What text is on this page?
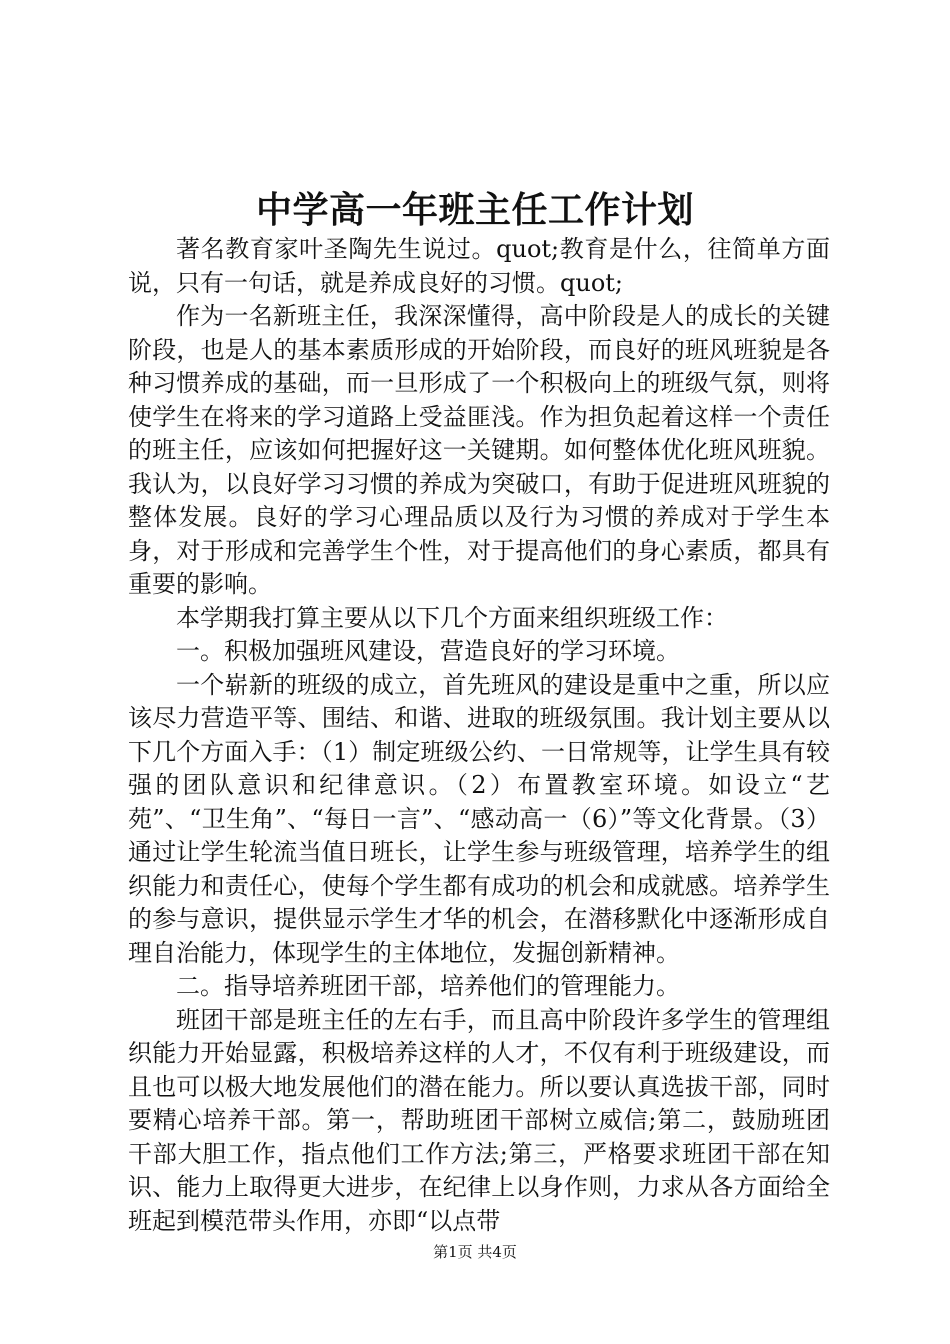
中学高一年班主任工作计划

著名教育家叶圣陶先生说过。quot;教育是什么，往简单方面说，只有一句话，就是养成良好的习惯。quot;

作为一名新班主任，我深深懂得，高中阶段是人的成长的关键阶段，也是人的基本素质形成的开始阶段，而良好的班风班貌是各种习惯养成的基础，而一旦形成了一个积极向上的班级气氛，则将使学生在将来的学习道路上受益匪浅。作为担负起着这样一个责任的班主任，应该如何把握好这一关键期。如何整体优化班风班貌。我认为，以良好学习习惯的养成为突破口，有助于促进班风班貌的整体发展。良好的学习心理品质以及行为习惯的养成对于学生本身，对于形成和完善学生个性，对于提高他们的身心素质，都具有重要的影响。

本学期我打算主要从以下几个方面来组织班级工作：

一。积极加强班风建设，营造良好的学习环境。

一个崭新的班级的成立，首先班风的建设是重中之重，所以应该尽力营造平等、围结、和谐、进取的班级氛围。我计划主要从以下几个方面入手：（1）制定班级公约、一日常规等，让学生具有较强的团队意识和纪律意识。（2）布置教室环境。如设立“艺苑”、“卫生角”、“每日一言”、“感动高一（6）”等文化背景。（3）通过让学生轮流当值日班长，让学生参与班级管理，培养学生的组织能力和责任心，使每个学生都有成功的机会和成就感。培养学生的参与意识，提供显示学生才华的机会，在潜移默化中逐渐形成自理自治能力，体现学生的主体地位，发掘创新精神。

二。指导培养班团干部，培养他们的管理能力。

班团干部是班主任的左右手，而且高中阶段许多学生的管理组织能力开始显露，积极培养这样的人才，不仅有利于班级建设，而且也可以极大地发展他们的潜在能力。所以要认真选拔干部，同时要精心培养干部。第一，帮助班团干部树立威信;第二，鼓励班团干部大胆工作，指点他们工作方法;第三，严格要求班团干部在知识、能力上取得更大进步，在纪律上以身作则，力求从各方面给全班起到模范带头作用，亦即“以点带

第1页 共4页
